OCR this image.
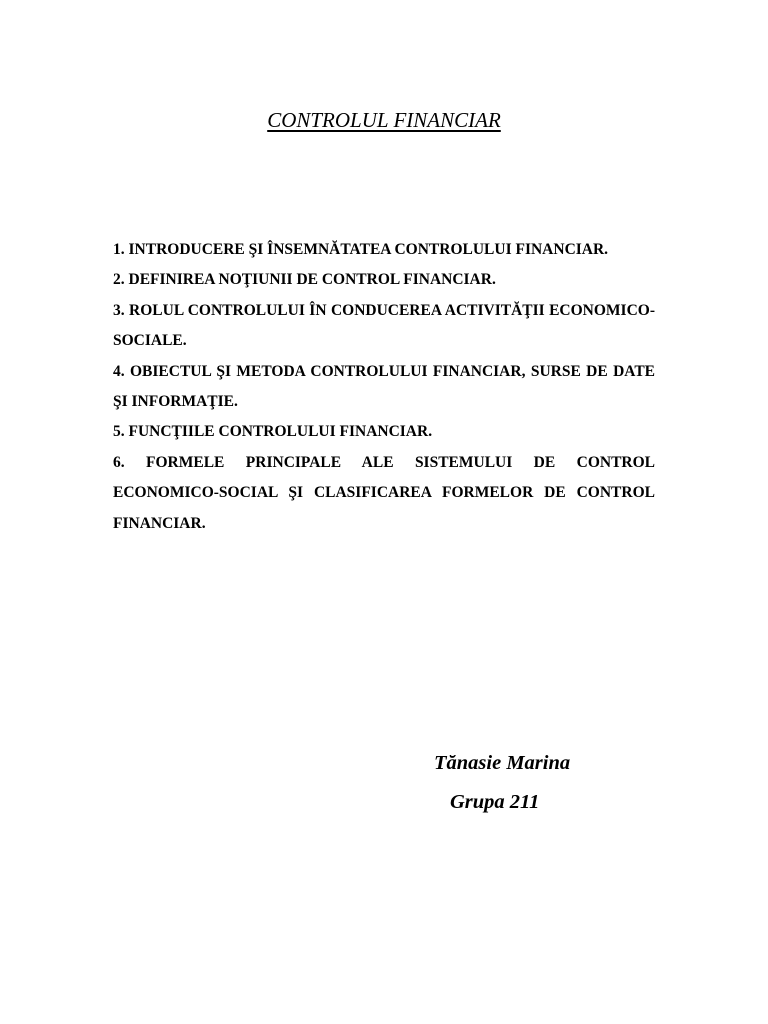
CONTROLUL FINANCIAR
1. INTRODUCERE ŞI ÎNSEMNĂTATEA CONTROLULUI FINANCIAR.
2. DEFINIREA NOŢIUNII DE CONTROL FINANCIAR.
3. ROLUL CONTROLULUI ÎN CONDUCEREA ACTIVITĂŢII ECONOMICO-SOCIALE.
4. OBIECTUL ŞI METODA CONTROLULUI FINANCIAR, SURSE DE DATE ŞI INFORMAŢIE.
5. FUNCŢIILE CONTROLULUI FINANCIAR.
6. FORMELE PRINCIPALE ALE SISTEMULUI DE CONTROL ECONOMICO-SOCIAL ŞI CLASIFICAREA FORMELOR DE CONTROL FINANCIAR.

Tănasie Marina

Grupa 211
